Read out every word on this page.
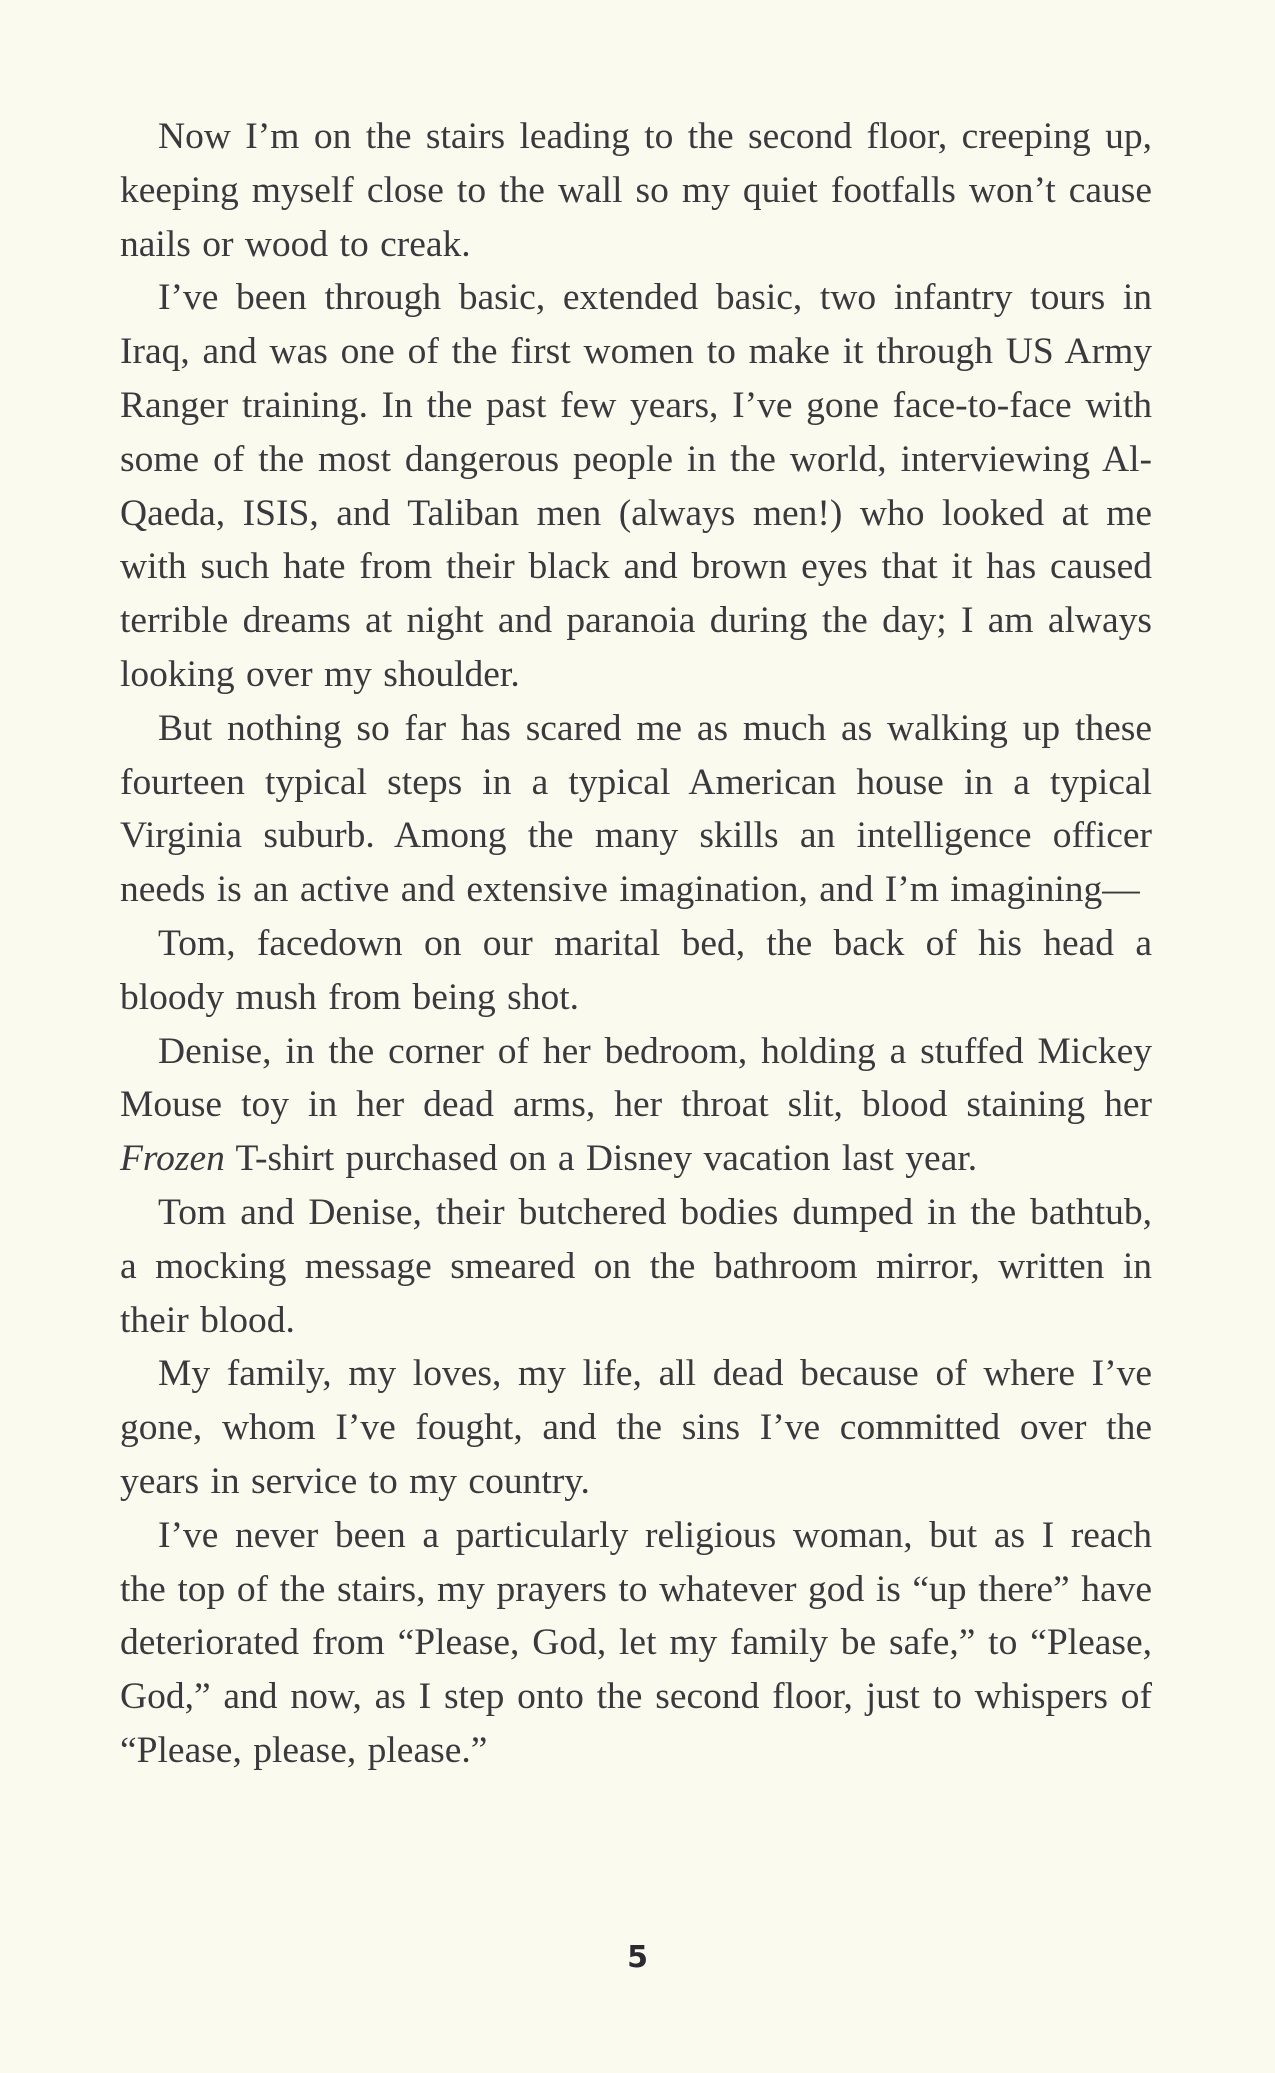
Now I’m on the stairs leading to the second floor, creeping up, keeping myself close to the wall so my quiet footfalls won’t cause nails or wood to creak.

I’ve been through basic, extended basic, two infantry tours in Iraq, and was one of the first women to make it through US Army Ranger training. In the past few years, I’ve gone face-to-face with some of the most dangerous people in the world, interviewing Al-Qaeda, ISIS, and Taliban men (always men!) who looked at me with such hate from their black and brown eyes that it has caused terrible dreams at night and paranoia during the day; I am always looking over my shoulder.

But nothing so far has scared me as much as walking up these fourteen typical steps in a typical American house in a typical Virginia suburb. Among the many skills an intelligence officer needs is an active and extensive imagination, and I’m imagining—

Tom, facedown on our marital bed, the back of his head a bloody mush from being shot.

Denise, in the corner of her bedroom, holding a stuffed Mickey Mouse toy in her dead arms, her throat slit, blood staining her Frozen T-shirt purchased on a Disney vacation last year.

Tom and Denise, their butchered bodies dumped in the bathtub, a mocking message smeared on the bathroom mirror, written in their blood.

My family, my loves, my life, all dead because of where I’ve gone, whom I’ve fought, and the sins I’ve committed over the years in service to my country.

I’ve never been a particularly religious woman, but as I reach the top of the stairs, my prayers to whatever god is “up there” have deteriorated from “Please, God, let my family be safe,” to “Please, God,” and now, as I step onto the second floor, just to whispers of “Please, please, please.”

5
